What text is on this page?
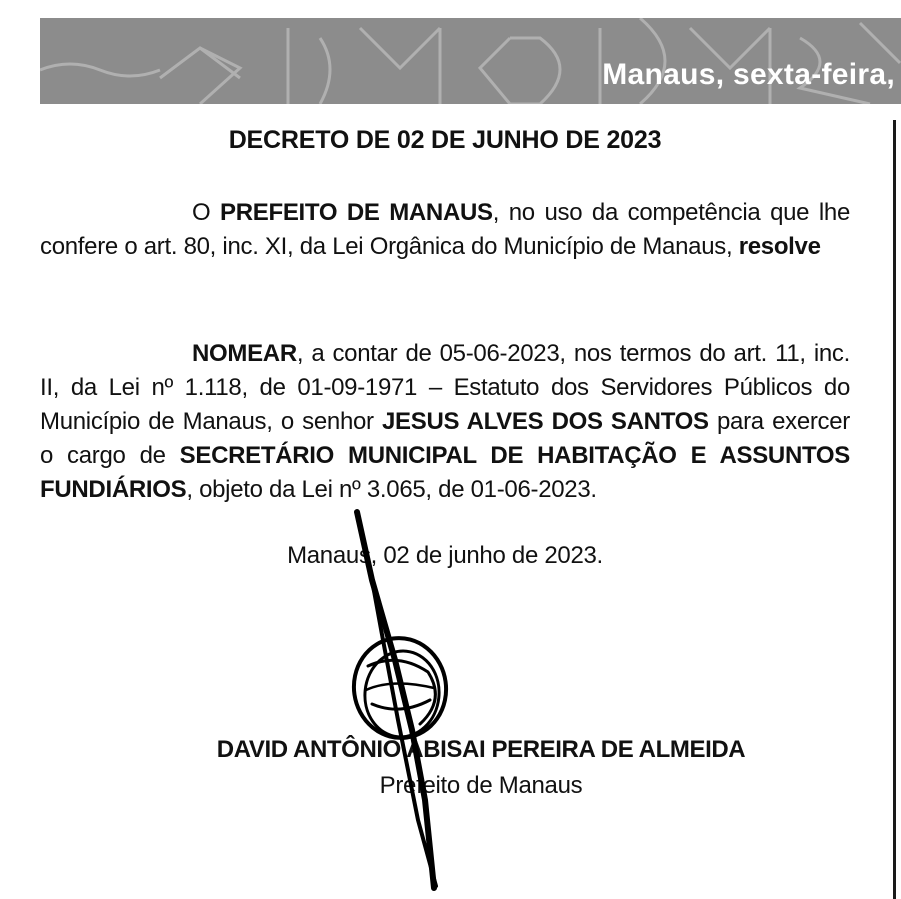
Manaus, sexta-feira,
DECRETO DE 02 DE JUNHO DE 2023
O PREFEITO DE MANAUS, no uso da competência que lhe confere o art. 80, inc. XI, da Lei Orgânica do Município de Manaus, resolve
NOMEAR, a contar de 05-06-2023, nos termos do art. 11, inc. II, da Lei nº 1.118, de 01-09-1971 – Estatuto dos Servidores Públicos do Município de Manaus, o senhor JESUS ALVES DOS SANTOS para exercer o cargo de SECRETÁRIO MUNICIPAL DE HABITAÇÃO E ASSUNTOS FUNDIÁRIOS, objeto da Lei nº 3.065, de 01-06-2023.
Manaus, 02 de junho de 2023.
DAVID ANTÔNIO ABISAI PEREIRA DE ALMEIDA
Prefeito de Manaus
